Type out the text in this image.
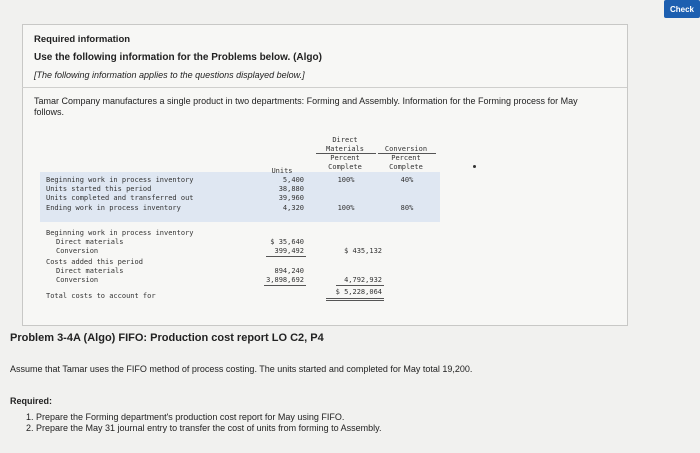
Check
Required information
Use the following information for the Problems below. (Algo)
[The following information applies to the questions displayed below.]
Tamar Company manufactures a single product in two departments: Forming and Assembly. Information for the Forming process for May follows.
Direct
Materials
Percent
Complete
Conversion
Percent
Complete
Units
Beginning work in process inventory	5,400	100%	40%
Units started this period	38,880
Units completed and transferred out	39,960
Ending work in process inventory	4,320	100%	80%
Beginning work in process inventory
Direct materials	$ 35,640
Conversion	399,492	$ 435,132
Costs added this period
Direct materials	894,240
Conversion	3,898,692	4,792,932
Total costs to account for	$ 5,228,064
Problem 3-4A (Algo) FIFO: Production cost report LO C2, P4
Assume that Tamar uses the FIFO method of process costing. The units started and completed for May total 19,200.
Required:
1. Prepare the Forming department's production cost report for May using FIFO.
2. Prepare the May 31 journal entry to transfer the cost of units from forming to Assembly.
